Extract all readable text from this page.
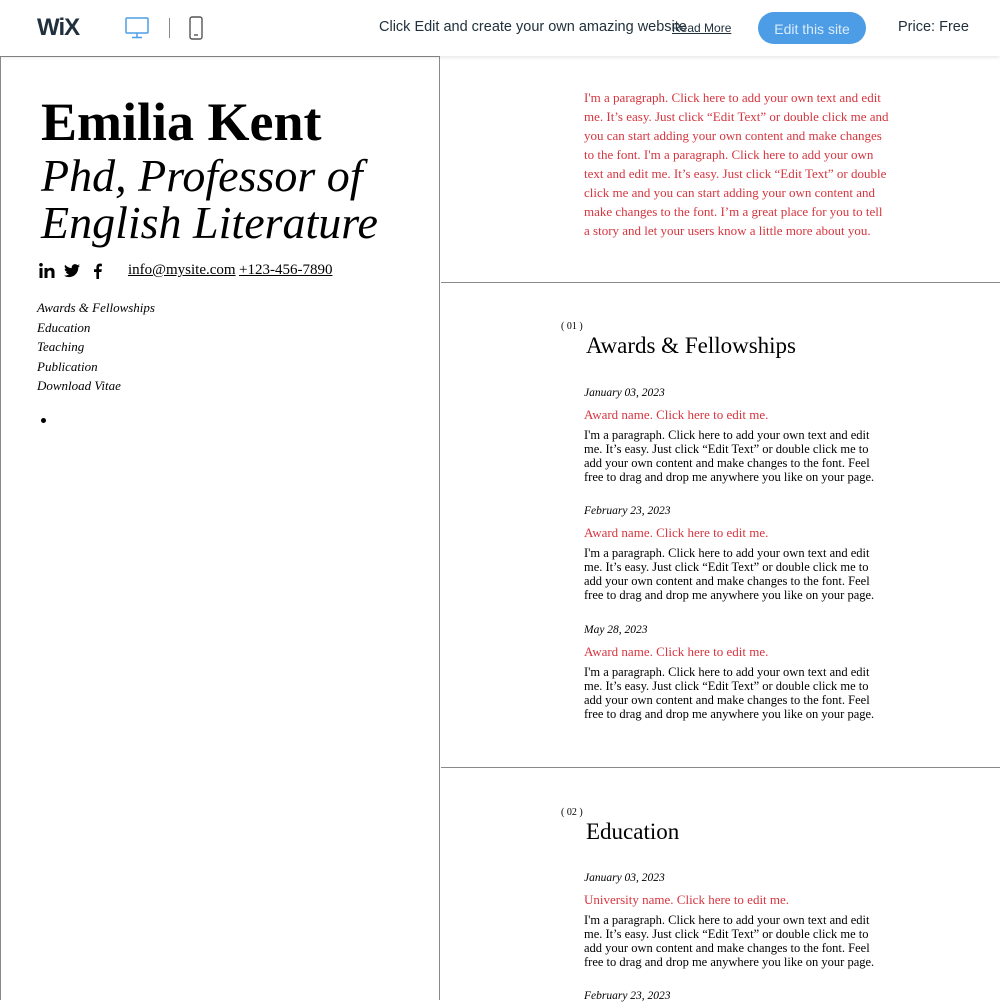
WiX	Click Edit and create your own amazing website
Read More	Edit this site	Price: Free
Emilia Kent
Phd, Professor of English Literature
info@mysite.com +123-456-7890
Awards & Fellowships
Education
Teaching
Publication
Download Vitae
I'm a paragraph. Click here to add your own text and edit me. It’s easy. Just click “Edit Text” or double click me and you can start adding your own content and make changes to the font. I'm a paragraph. Click here to add your own text and edit me. It’s easy. Just click “Edit Text” or double click me and you can start adding your own content and make changes to the font. I’m a great place for you to tell a story and let your users know a little more about you.
( 01 )
Awards & Fellowships
January 03, 2023
Award name. Click here to edit me.
I'm a paragraph. Click here to add your own text and edit me. It’s easy. Just click “Edit Text” or double click me to add your own content and make changes to the font. Feel free to drag and drop me anywhere you like on your page.
February 23, 2023
Award name. Click here to edit me.
I'm a paragraph. Click here to add your own text and edit me. It’s easy. Just click “Edit Text” or double click me to add your own content and make changes to the font. Feel free to drag and drop me anywhere you like on your page.
May 28, 2023
Award name. Click here to edit me.
I'm a paragraph. Click here to add your own text and edit me. It’s easy. Just click “Edit Text” or double click me to add your own content and make changes to the font. Feel free to drag and drop me anywhere you like on your page.
( 02 )
Education
January 03, 2023
University name. Click here to edit me.
I'm a paragraph. Click here to add your own text and edit me. It’s easy. Just click “Edit Text” or double click me to add your own content and make changes to the font. Feel free to drag and drop me anywhere you like on your page.
February 23, 2023
